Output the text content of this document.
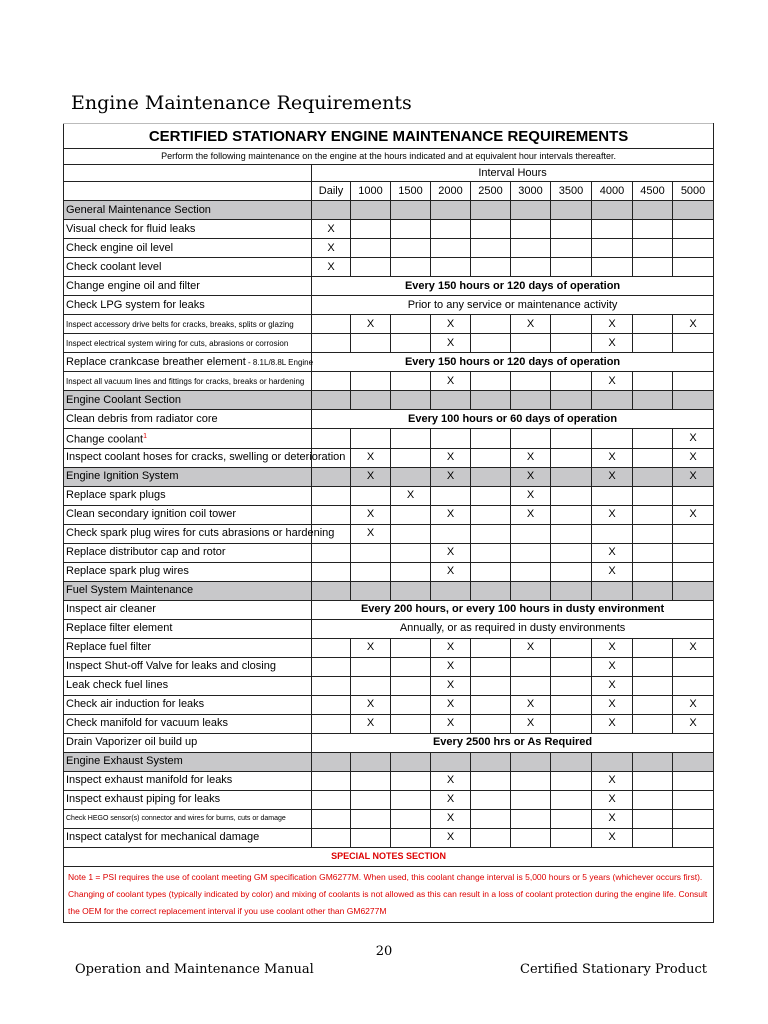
Engine Maintenance Requirements
CERTIFIED STATIONARY ENGINE MAINTENANCE REQUIREMENTS										
Perform the following maintenance on the engine at the hours indicated and at equivalent hour intervals thereafter.										
	Interval Hours									
	Daily	1000	1500	2000	2500	3000	3500	4000	4500	5000
General Maintenance Section										
Visual check for fluid leaks	X									
Check engine oil level	X									
Check coolant level	X									
Change engine oil and filter	Every 150 hours or 120 days of operation									
Check LPG system for leaks	Prior to any service or maintenance activity									
Inspect accessory drive belts for cracks, breaks, splits or glazing		X		X		X		X		X
Inspect electrical system wiring for cuts, abrasions or corrosion				X				X		
Replace crankcase breather element - 8.1L/8.8L Engine	Every 150 hours or 120 days of operation									
Inspect all vacuum lines and fittings for cracks, breaks or hardening				X				X		
Engine Coolant Section										
Clean debris from radiator core	Every 100 hours or 60 days of operation									
Change coolant$^1$										X
Inspect coolant hoses for cracks, swelling or deterioration		X		X		X		X		X
Engine Ignition System		X		X		X		X		X
Replace spark plugs			X			X				
Clean secondary ignition coil tower		X		X		X		X		X
Check spark plug wires for cuts abrasions or hardening		X								
Replace distributor cap and rotor				X				X		
Replace spark plug wires				X				X		
Fuel System Maintenance										
Inspect air cleaner	Every 200 hours, or every 100 hours in dusty environment									
Replace filter element	Annually, or as required in dusty environments									
Replace fuel filter		X		X		X		X		X
Inspect Shut-off Valve for leaks and closing				X				X		
Leak check fuel lines				X				X		
Check air induction for leaks		X		X		X		X		X
Check manifold for vacuum leaks		X		X		X		X		X
Drain Vaporizer oil build up	Every 2500 hrs or As Required									
Engine Exhaust System										
Inspect exhaust manifold for leaks				X				X		
Inspect exhaust piping for leaks				X				X		
Check HEGO sensor(s) connector and wires for burns, cuts or damage				X				X		
Inspect catalyst for mechanical damage				X				X		
SPECIAL NOTES SECTION										
Note 1 = PSI requires the use of coolant meeting GM specification GM6277M. When used, this coolant change interval is 5,000 hours or 5 years (whichever occurs first). Changing of coolant types (typically indicated by color) and mixing of coolants is not allowed as this can result in a loss of coolant protection during the engine life. Consult the OEM for the correct replacement interval if you use coolant other than GM6277M										
20
Operation and Maintenance Manual	Certified Stationary Product
